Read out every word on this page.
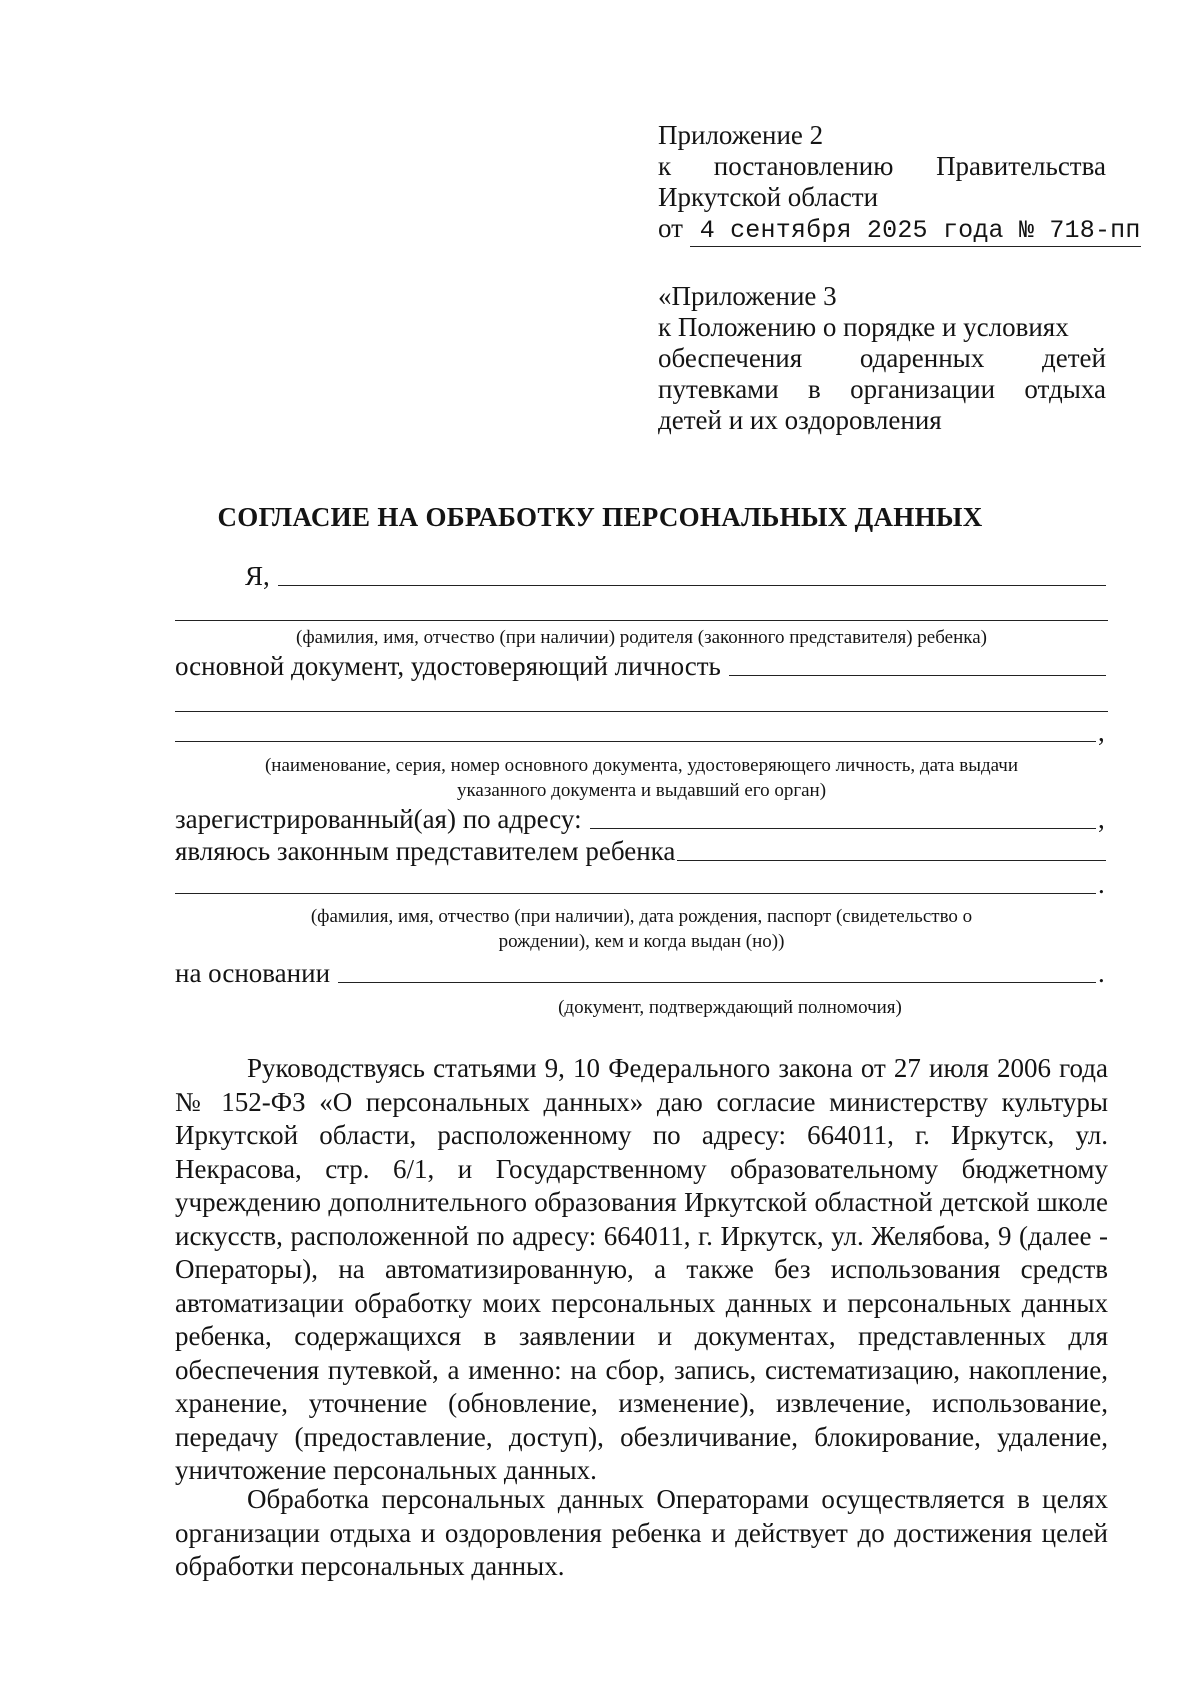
Приложение 2
к постановлению Правительства
Иркутской области
от 4 сентября 2025 года № 718-пп
«Приложение 3
к Положению о порядке и условиях
обеспечения одаренных детей
путевками в организации отдыха
детей и их оздоровления
СОГЛАСИЕ НА ОБРАБОТКУ ПЕРСОНАЛЬНЫХ ДАННЫХ
Я,
(фамилия, имя, отчество (при наличии) родителя (законного представителя) ребенка)
основной документ, удостоверяющий личность
,
(наименование, серия, номер основного документа, удостоверяющего личность, дата выдачи
указанного документа и выдавший его орган)
зарегистрированный(ая) по адресу:	,
являюсь законным представителем ребенка
.
(фамилия, имя, отчество (при наличии), дата рождения, паспорт (свидетельство о
рождении), кем и когда выдан (но))
на основании	.
(документ, подтверждающий полномочия)

Руководствуясь статьями 9, 10 Федерального закона от 27 июля 2006 года № 152-ФЗ «О персональных данных» даю согласие министерству культуры Иркутской области, расположенному по адресу: 664011, г. Иркутск, ул. Некрасова, стр. 6/1, и Государственному образовательному бюджетному учреждению дополнительного образования Иркутской областной детской школе искусств, расположенной по адресу: 664011, г. Иркутск, ул. Желябова, 9 (далее - Операторы), на автоматизированную, а также без использования средств автоматизации обработку моих персональных данных и персональных данных ребенка, содержащихся в заявлении и документах, представленных для обеспечения путевкой, а именно: на сбор, запись, систематизацию, накопление, хранение, уточнение (обновление, изменение), извлечение, использование, передачу (предоставление, доступ), обезличивание, блокирование, удаление, уничтожение персональных данных.

Обработка персональных данных Операторами осуществляется в целях организации отдыха и оздоровления ребенка и действует до достижения целей обработки персональных данных.
